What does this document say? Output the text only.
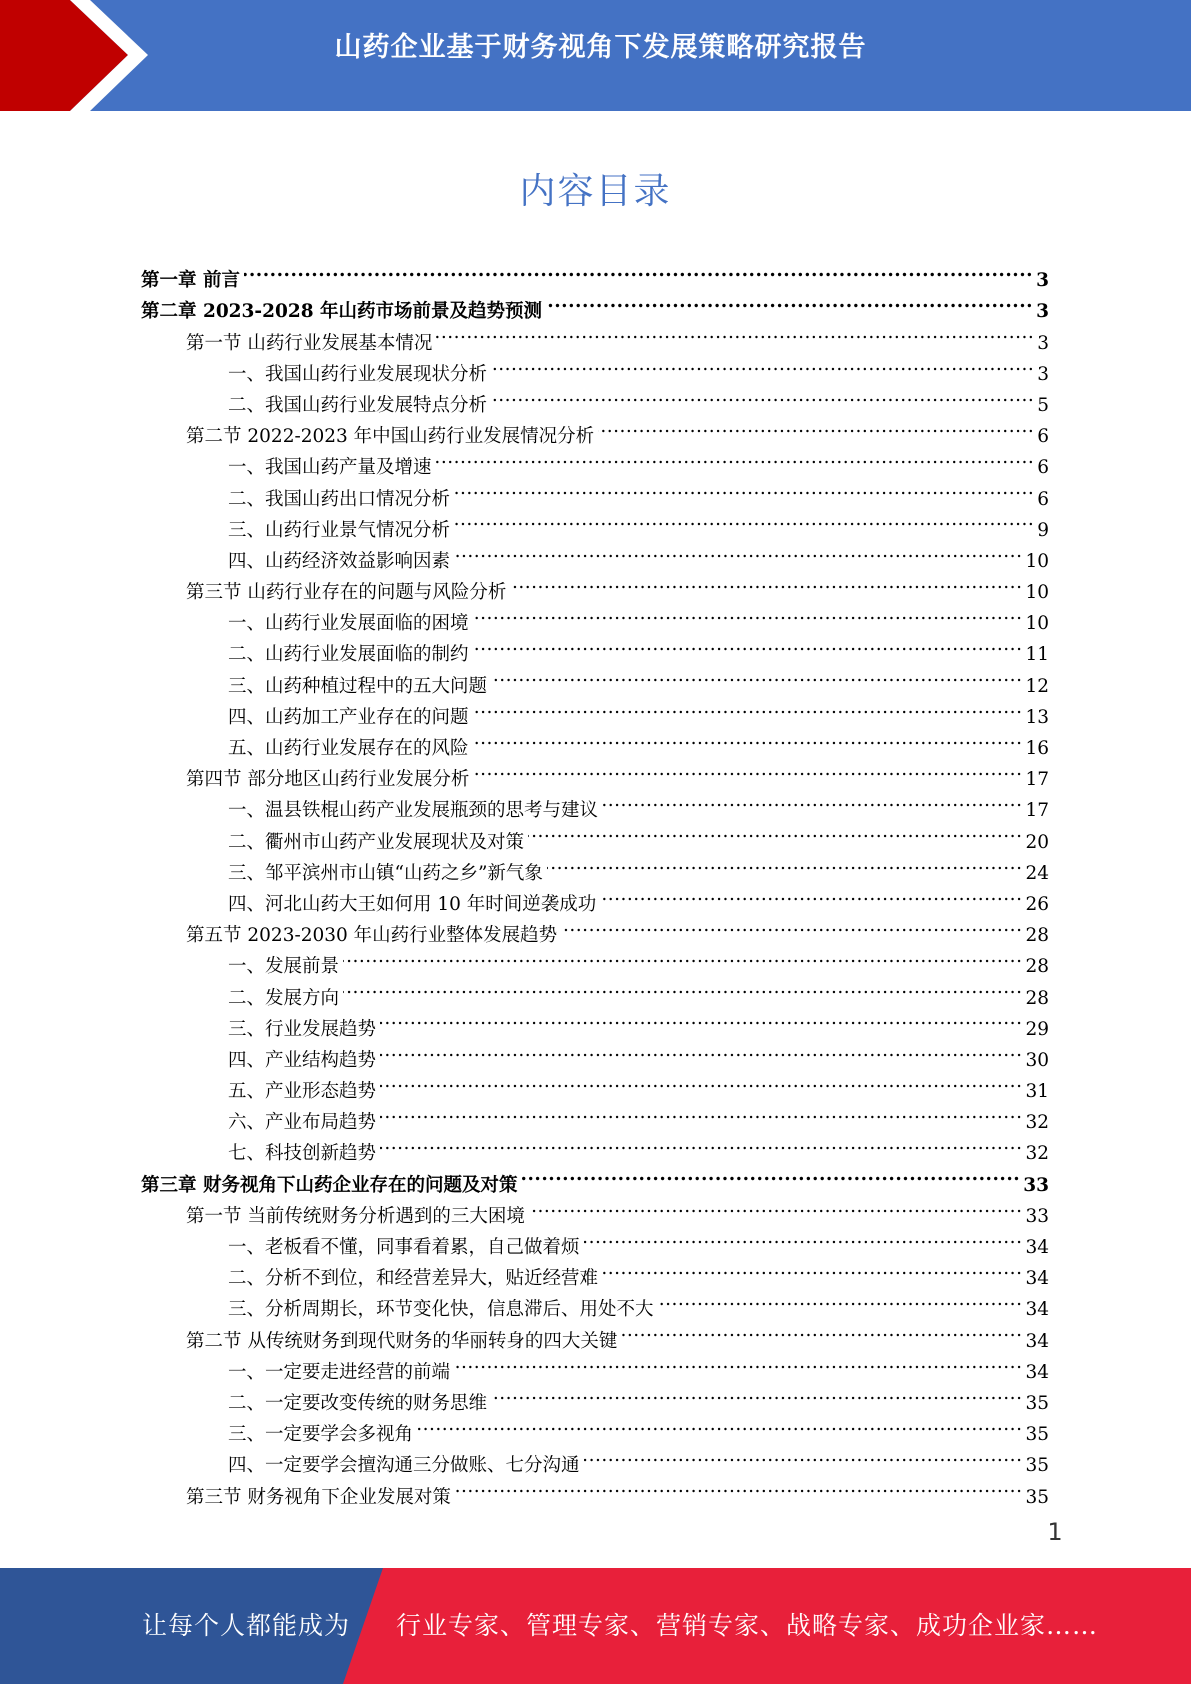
山药企业基于财务视角下发展策略研究报告
内容目录
第一章 前言 .....	3
第二章 2023-2028 年山药市场前景及趋势预测 .....	3
第一节 山药行业发展基本情况 .....	3
一、我国山药行业发展现状分析 .....	3
二、我国山药行业发展特点分析 .....	5
第二节 2022-2023 年中国山药行业发展情况分析 .....	6
一、我国山药产量及增速 .....	6
二、我国山药出口情况分析 .....	6
三、山药行业景气情况分析 .....	9
四、山药经济效益影响因素 .....	10
第三节 山药行业存在的问题与风险分析 .....	10
一、山药行业发展面临的困境 .....	10
二、山药行业发展面临的制约 .....	11
三、山药种植过程中的五大问题 .....	12
四、山药加工产业存在的问题 .....	13
五、山药行业发展存在的风险 .....	16
第四节 部分地区山药行业发展分析 .....	17
一、温县铁棍山药产业发展瓶颈的思考与建议 .....	17
二、衢州市山药产业发展现状及对策 .....	20
三、邹平滨州市山镇“山药之乡”新气象 .....	24
四、河北山药大王如何用 10 年时间逆袭成功 .....	26
第五节 2023-2030 年山药行业整体发展趋势 .....	28
一、发展前景 .....	28
二、发展方向 .....	28
三、行业发展趋势 .....	29
四、产业结构趋势 .....	30
五、产业形态趋势 .....	31
六、产业布局趋势 .....	32
七、科技创新趋势 .....	32
第三章 财务视角下山药企业存在的问题及对策 .....	33
第一节 当前传统财务分析遇到的三大困境 .....	33
一、老板看不懂，同事看着累，自己做着烦 .....	34
二、分析不到位，和经营差异大，贴近经营难 .....	34
三、分析周期长，环节变化快，信息滞后、用处不大 .....	34
第二节 从传统财务到现代财务的华丽转身的四大关键 .....	34
一、一定要走进经营的前端 .....	34
二、一定要改变传统的财务思维 .....	35
三、一定要学会多视角 .....	35
四、一定要学会擅沟通三分做账、七分沟通 .....	35
第三节 财务视角下企业发展对策 .....	35
1
让每个人都能成为 行业专家、管理专家、营销专家、战略专家、成功企业家……
